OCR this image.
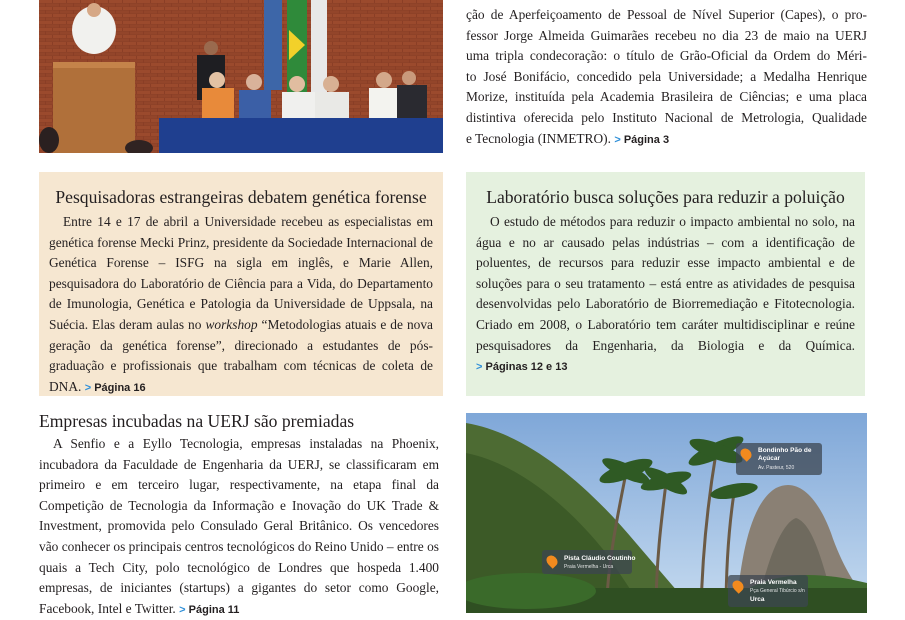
ção de Aperfeiçoamento de Pessoal de Nível Superior (Capes), o pro-

fessor Jorge Almeida Guimarães recebeu no dia 23 de maio na UERJ

uma tripla condecoração: o título de Grão-Oficial da Ordem do Méri-

to José Bonifácio, concedido pela Universidade; a Medalha Henrique

Morize, instituída pela Academia Brasileira de Ciências; e uma placa

distintiva oferecida pelo Instituto Nacional de Metrologia, Qualidade

e Tecnologia (INMETRO). > Página 3

Pesquisadoras estrangeiras debatem genética forense

Entre 14 e 17 de abril a Universidade recebeu as especialistas em genética forense Mecki Prinz, presidente da Sociedade Internacional de Genética Forense – ISFG na sigla em inglês, e Marie Allen, pesquisadora do Laboratório de Ciência para a Vida, do Departamento de Imunologia, Genética e Patologia da Universidade de Uppsala, na Suécia. Elas deram aulas no workshop “Metodologias atuais e de nova geração da genética forense”, direcionado a estudantes de pós-graduação e profissionais que trabalham com técnicas de coleta de DNA. > Página 16

Laboratório busca soluções para reduzir a poluição

O estudo de métodos para reduzir o impacto ambiental no solo, na água e no ar causado pelas indústrias – com a identificação de poluentes, de recursos para reduzir esse impacto ambiental e de soluções para o seu tratamento – está entre as atividades de pesquisa desenvolvidas pelo Laboratório de Biorremediação e Fitotecnologia. Criado em 2008, o Laboratório tem caráter multidisciplinar e reúne pesquisadores da Engenharia, da Biologia e da Química. > Páginas 12 e 13

Empresas incubadas na UERJ são premiadas

A Senfio e a Eyllo Tecnologia, empresas instaladas na Phoenix, incubadora da Faculdade de Engenharia da UERJ, se classificaram em primeiro e em terceiro lugar, respectivamente, na etapa final da Competição de Tecnologia da Informação e Inovação do UK Trade & Investment, promovida pelo Consulado Geral Britânico. Os vencedores vão conhecer os principais centros tecnológicos do Reino Unido – entre os quais a Tech City, polo tecnológico de Londres que hospeda 1.400 empresas, de iniciantes (startups) a gigantes do setor como Google, Facebook, Intel e Twitter. > Página 11

Bondinho Pão de
Açúcar
Av. Pasteur, 520
Pista Cláudio Coutinho
Praia Vermelha - Urca
Praia Vermelha
Pça General Tibúrcio s/n
Urca
